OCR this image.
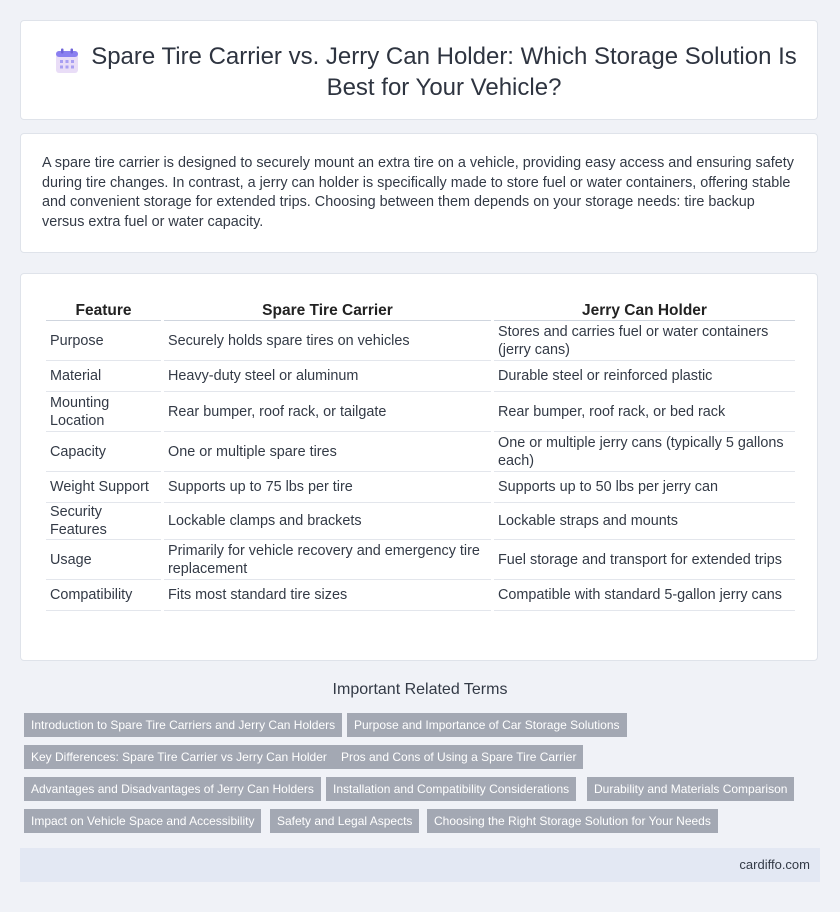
Spare Tire Carrier vs. Jerry Can Holder: Which Storage Solution Is Best for Your Vehicle?

A spare tire carrier is designed to securely mount an extra tire on a vehicle, providing easy access and ensuring safety during tire changes. In contrast, a jerry can holder is specifically made to store fuel or water containers, offering stable and convenient storage for extended trips. Choosing between them depends on your storage needs: tire backup versus extra fuel or water capacity.

Feature	Spare Tire Carrier	Jerry Can Holder
Purpose	Securely holds spare tires on vehicles	Stores and carries fuel or water containers (jerry cans)
Material	Heavy-duty steel or aluminum	Durable steel or reinforced plastic
Mounting Location	Rear bumper, roof rack, or tailgate	Rear bumper, roof rack, or bed rack
Capacity	One or multiple spare tires	One or multiple jerry cans (typically 5 gallons each)
Weight Support	Supports up to 75 lbs per tire	Supports up to 50 lbs per jerry can
Security Features	Lockable clamps and brackets	Lockable straps and mounts
Usage	Primarily for vehicle recovery and emergency tire replacement	Fuel storage and transport for extended trips
Compatibility	Fits most standard tire sizes	Compatible with standard 5-gallon jerry cans
Important Related Terms
Introduction to Spare Tire Carriers and Jerry Can Holders	Purpose and Importance of Car Storage Solutions
Key Differences: Spare Tire Carrier vs Jerry Can Holder	Pros and Cons of Using a Spare Tire Carrier
Advantages and Disadvantages of Jerry Can Holders	Installation and Compatibility Considerations	Durability and Materials Comparison
Impact on Vehicle Space and Accessibility	Safety and Legal Aspects	Choosing the Right Storage Solution for Your Needs
cardiffo.com
